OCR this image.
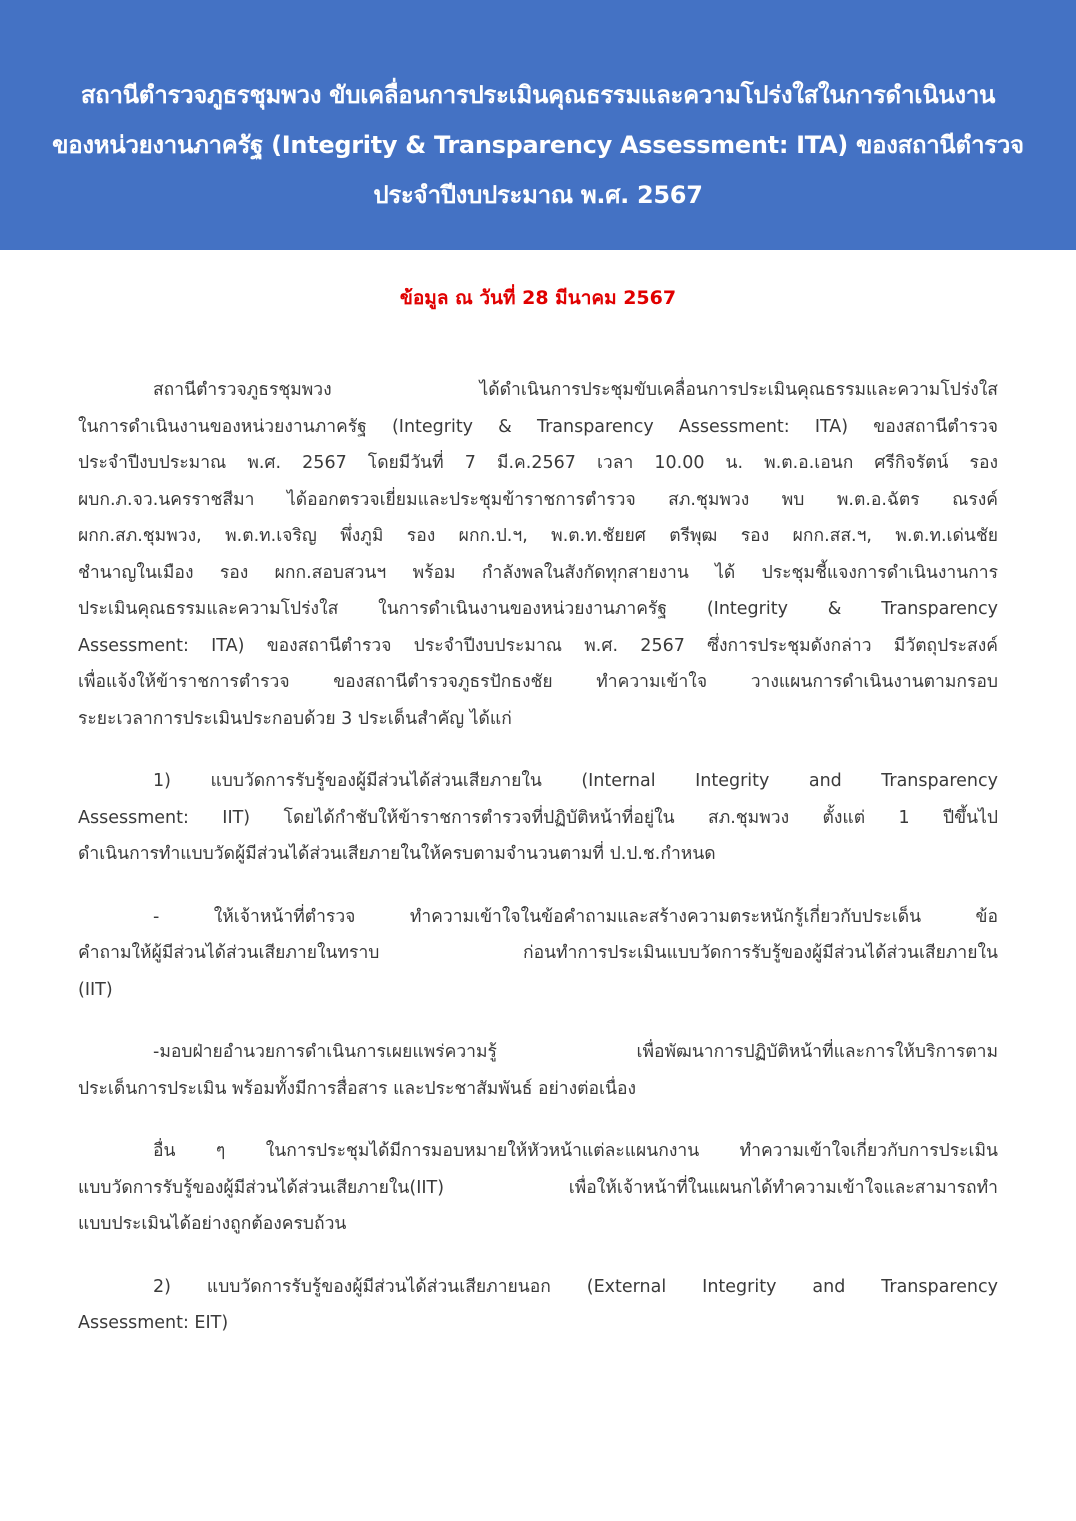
สถานีตำรวจภูธรชุมพวง ขับเคลื่อนการประเมินคุณธรรมและความโปร่งใสในการดำเนินงาน
ของหน่วยงานภาครัฐ (Integrity & Transparency Assessment: ITA) ของสถานีตำรวจ
ประจำปีงบประมาณ พ.ศ. 2567
ข้อมูล ณ วันที่ 28 มีนาคม 2567

สถานีตำรวจภูธรชุมพวง ได้ดำเนินการประชุมขับเคลื่อนการประเมินคุณธรรมและความโปร่งใส
ในการดำเนินงานของหน่วยงานภาครัฐ (Integrity & Transparency Assessment: ITA) ของสถานีตำรวจ
ประจำปีงบประมาณ พ.ศ. 2567 โดยมีวันที่ 7 มี.ค.2567 เวลา 10.00 น. พ.ต.อ.เอนก ศรีกิจรัตน์ รอง
ผบก.ภ.จว.นครราชสีมา ได้ออกตรวจเยี่ยมและประชุมข้าราชการตำรวจ สภ.ชุมพวง พบ พ.ต.อ.ฉัตร ณรงค์
ผกก.สภ.ชุมพวง, พ.ต.ท.เจริญ พึ่งภูมิ รอง ผกก.ป.ฯ, พ.ต.ท.ชัยยศ ตรีพุฒ รอง ผกก.สส.ฯ, พ.ต.ท.เด่นชัย
ชำนาญในเมือง รอง ผกก.สอบสวนฯ พร้อม กำลังพลในสังกัดทุกสายงาน ได้ ประชุมชี้แจงการดำเนินงานการ
ประเมินคุณธรรมและความโปร่งใส ในการดำเนินงานของหน่วยงานภาครัฐ (Integrity & Transparency
Assessment: ITA) ของสถานีตำรวจ ประจำปีงบประมาณ พ.ศ. 2567 ซึ่งการประชุมดังกล่าว มีวัตถุประสงค์
เพื่อแจ้งให้ข้าราชการตำรวจ ของสถานีตำรวจภูธรปักธงชัย ทำความเข้าใจ วางแผนการดำเนินงานตามกรอบ
ระยะเวลาการประเมินประกอบด้วย 3 ประเด็นสำคัญ ได้แก่

1) แบบวัดการรับรู้ของผู้มีส่วนได้ส่วนเสียภายใน (Internal Integrity and Transparency
Assessment: IIT) โดยได้กำชับให้ข้าราชการตำรวจที่ปฏิบัติหน้าที่อยู่ใน สภ.ชุมพวง ตั้งแต่ 1 ปีขึ้นไป
ดำเนินการทำแบบวัดผู้มีส่วนได้ส่วนเสียภายในให้ครบตามจำนวนตามที่ ป.ป.ช.กำหนด

- ให้เจ้าหน้าที่ตำรวจ ทำความเข้าใจในข้อคำถามและสร้างความตระหนักรู้เกี่ยวกับประเด็น ข้อ
คำถามให้ผู้มีส่วนได้ส่วนเสียภายในทราบ ก่อนทำการประเมินแบบวัดการรับรู้ของผู้มีส่วนได้ส่วนเสียภายใน
(IIT)

-มอบฝ่ายอำนวยการดำเนินการเผยแพร่ความรู้ เพื่อพัฒนาการปฏิบัติหน้าที่และการให้บริการตาม
ประเด็นการประเมิน พร้อมทั้งมีการสื่อสาร และประชาสัมพันธ์ อย่างต่อเนื่อง

อื่น ๆ ในการประชุมได้มีการมอบหมายให้หัวหน้าแต่ละแผนกงาน ทำความเข้าใจเกี่ยวกับการประเมิน
แบบวัดการรับรู้ของผู้มีส่วนได้ส่วนเสียภายใน(IIT) เพื่อให้เจ้าหน้าที่ในแผนกได้ทำความเข้าใจและสามารถทำ
แบบประเมินได้อย่างถูกต้องครบถ้วน

2) แบบวัดการรับรู้ของผู้มีส่วนได้ส่วนเสียภายนอก (External Integrity and Transparency
Assessment: EIT)
